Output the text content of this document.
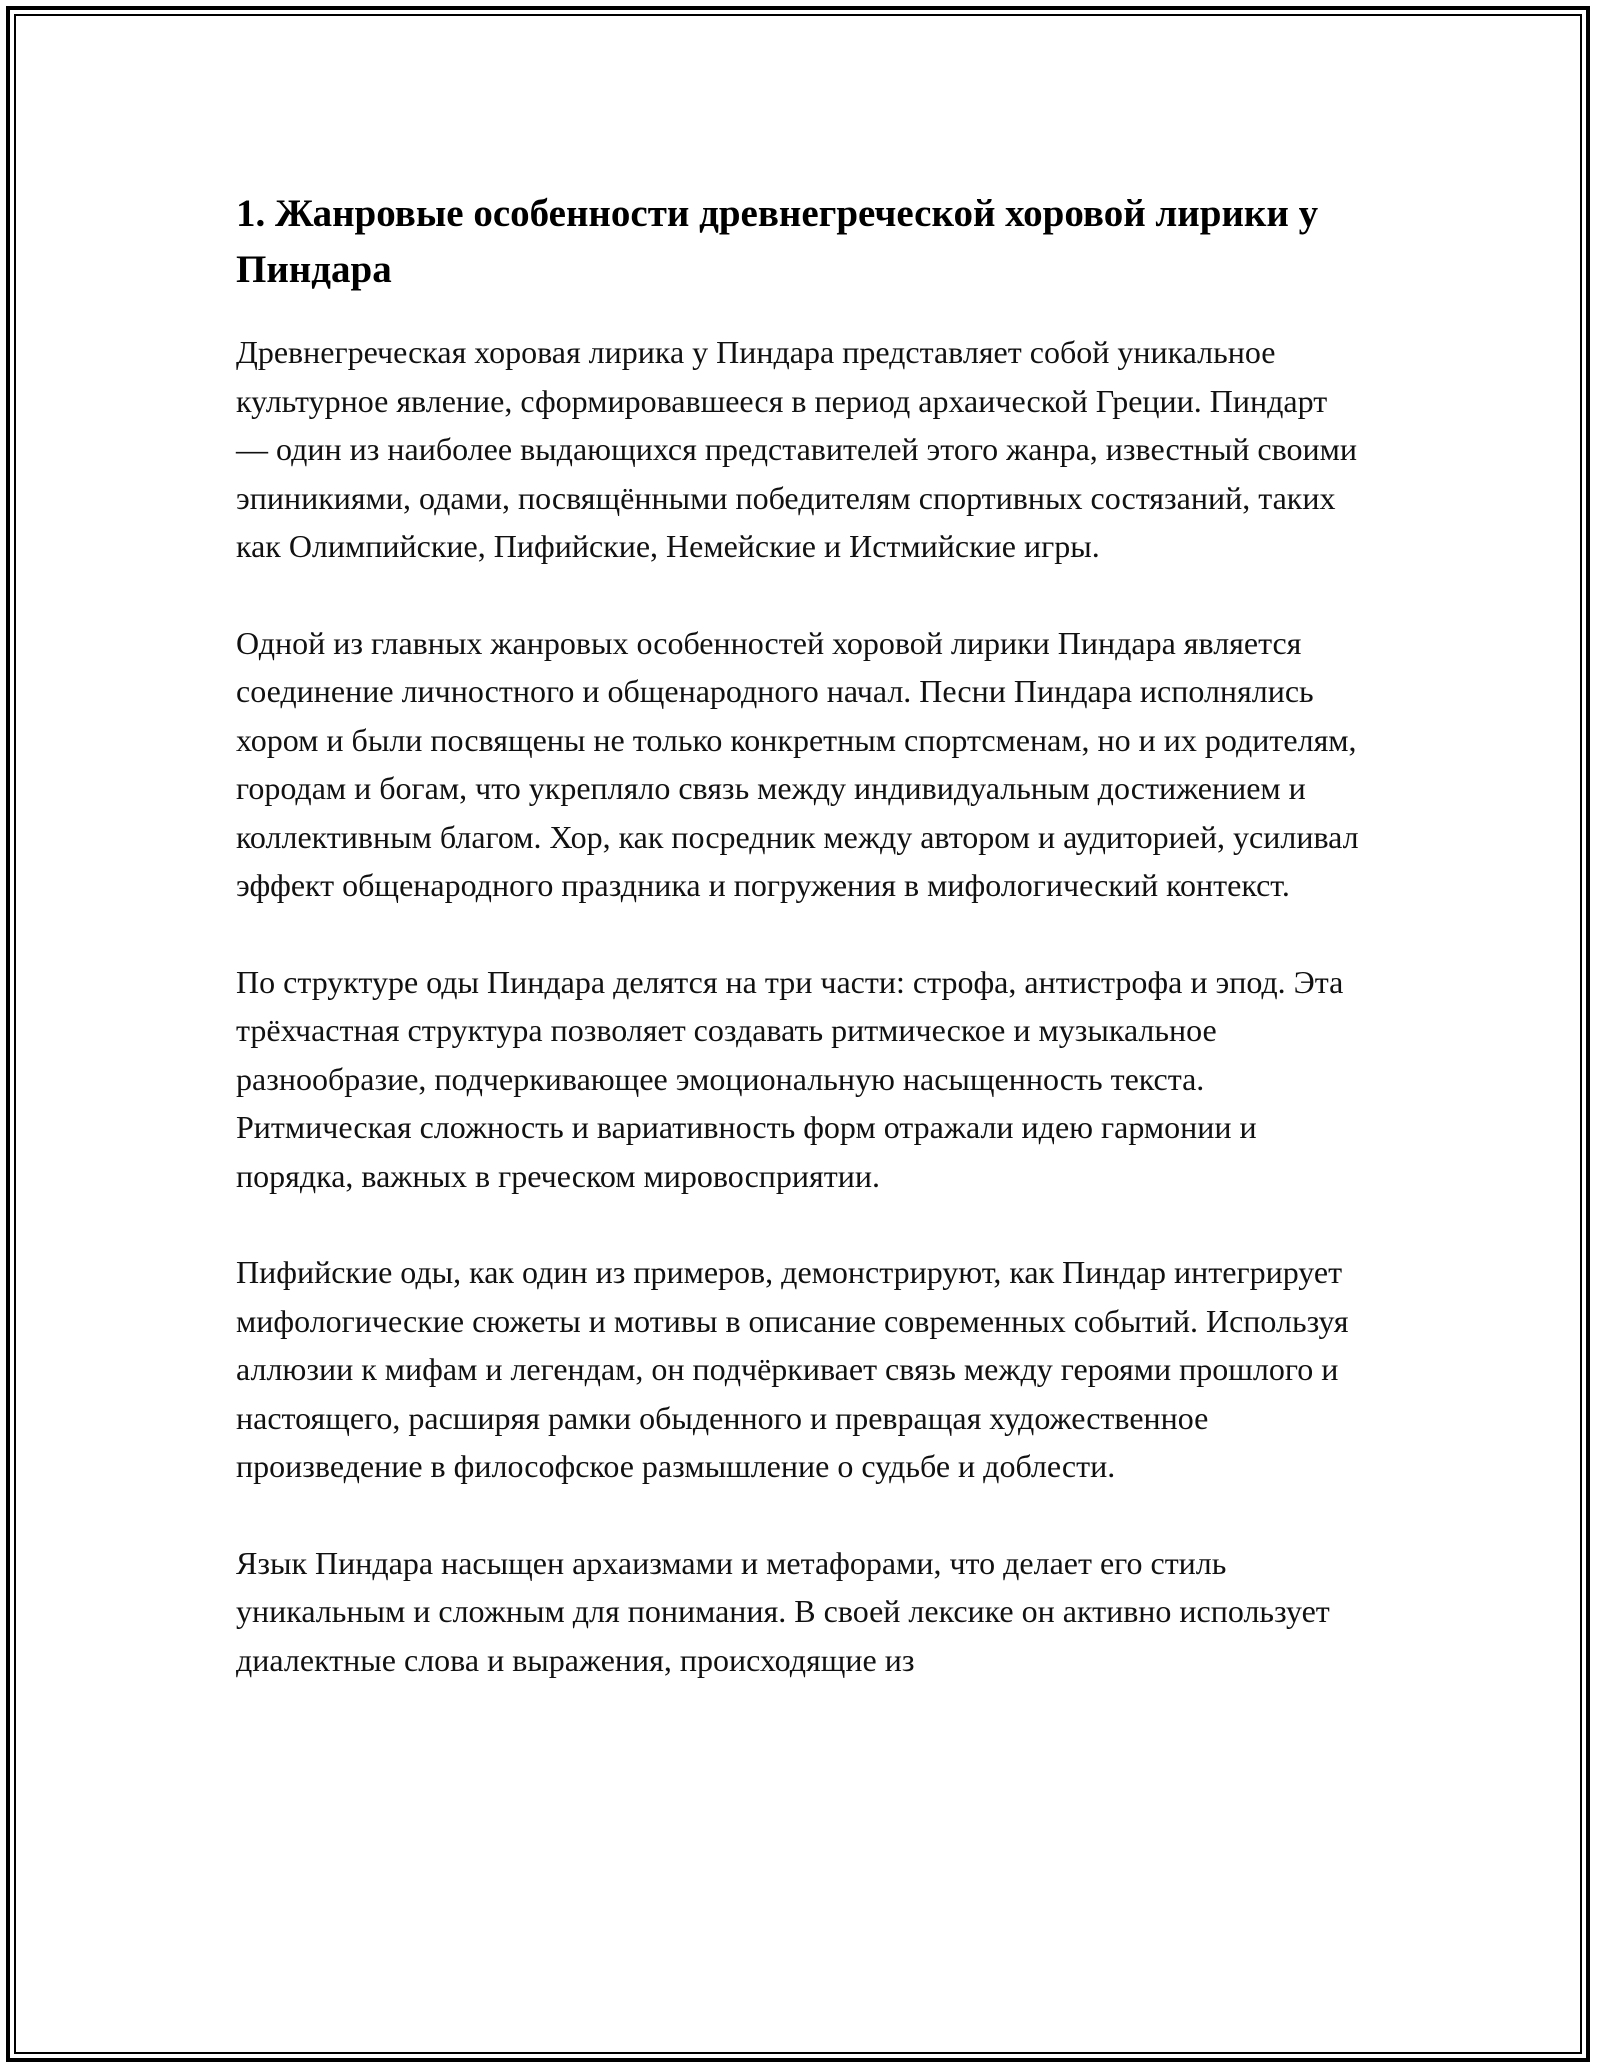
1. Жанровые особенности древнегреческой хоровой лирики у Пиндара

Древнегреческая хоровая лирика у Пиндара представляет собой уникальное культурное явление, сформировавшееся в период архаической Греции. Пиндарт — один из наиболее выдающихся представителей этого жанра, известный своими эпиникиями, одами, посвящёнными победителям спортивных состязаний, таких как Олимпийские, Пифийские, Немейские и Истмийские игры.

Одной из главных жанровых особенностей хоровой лирики Пиндара является соединение личностного и общенародного начал. Песни Пиндара исполнялись хором и были посвящены не только конкретным спортсменам, но и их родителям, городам и богам, что укрепляло связь между индивидуальным достижением и коллективным благом. Хор, как посредник между автором и аудиторией, усиливал эффект общенародного праздника и погружения в мифологический контекст.

По структуре оды Пиндара делятся на три части: строфа, антистрофа и эпод. Эта трёхчастная структура позволяет создавать ритмическое и музыкальное разнообразие, подчеркивающее эмоциональную насыщенность текста. Ритмическая сложность и вариативность форм отражали идею гармонии и порядка, важных в греческом мировосприятии.

Пифийские оды, как один из примеров, демонстрируют, как Пиндар интегрирует мифологические сюжеты и мотивы в описание современных событий. Используя аллюзии к мифам и легендам, он подчёркивает связь между героями прошлого и настоящего, расширяя рамки обыденного и превращая художественное произведение в философское размышление о судьбе и доблести.

Язык Пиндара насыщен архаизмами и метафорами, что делает его стиль уникальным и сложным для понимания. В своей лексике он активно использует диалектные слова и выражения, происходящие из
